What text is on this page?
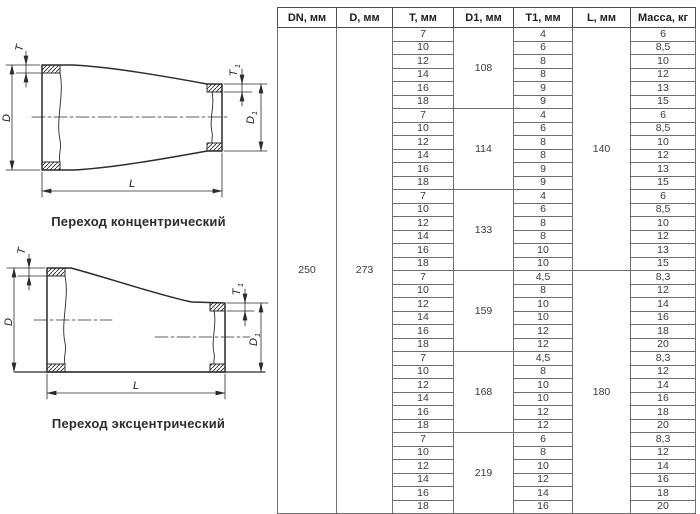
T
T
1
D	D
1
L
T
T
1
D
D
1
L
Переход концентрический
Переход эксцентрический
DN, мм	D, мм	T, мм	D1, мм	T1, мм	L, мм	Масса, кг
250	273	7	108	4	140	6
		10		6		8,5
		12		8		10
		14		8		12
		16		9		13
		18		9		15
		7	114	4		6
		10		6		8,5
		12		8		10
		14		8		12
		16		9		13
		18		9		15
		7	133	4		6
		10		6		8,5
		12		8		10
		14		8		12
		16		10		13
		18		10		15
		7	159	4,5	180	8,3
		10		8		12
		12		10		14
		14		10		16
		16		12		18
		18		12		20
		7	168	4,5		8,3
		10		8		12
		12		10		14
		14		10		16
		16		12		18
		18		12		20
		7	219	6		8,3
		10		8		12
		12		10		14
		14		12		16
		16		14		18
		18		16		20
